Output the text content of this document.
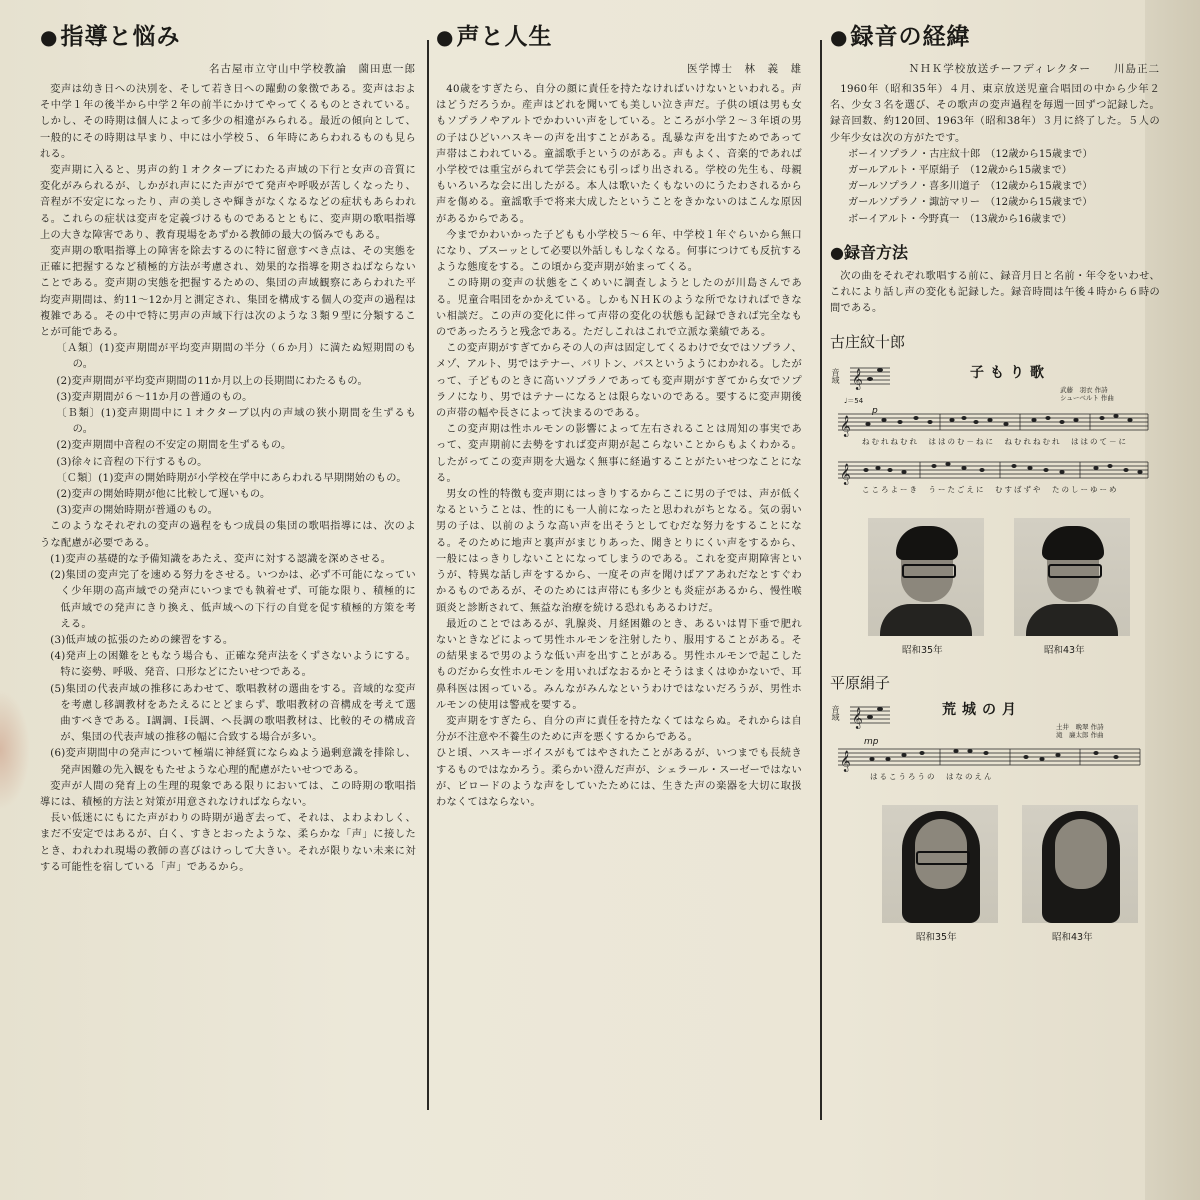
●指導と悩み
名古屋市立守山中学校教論　薗田恵一郎

変声は幼き日への決別を、そして若き日への躍動の象徴である。変声はおよそ中学１年の後半から中学２年の前半にかけてやってくるものとされている。しかし、その時期は個人によって多少の相違がみられる。最近の傾向として、一般的にその時期は早まり、中には小学校５、６年時にあらわれるものも見られる。

変声期に入ると、男声の約１オクターブにわたる声域の下行と女声の音質に変化がみられるが、しかがれ声ににた声がでて発声や呼吸が苦しくなったり、音程が不安定になったり、声の美しさや輝きがなくなるなどの症状もあらわれる。これらの症状は変声を定義づけるものであるとともに、変声期の歌唱指導上の大きな障害であり、教育現場をあずかる教師の最大の悩みでもある。

変声期の歌唱指導上の障害を除去するのに特に留意すべき点は、その実態を正確に把握するなど積極的方法が考慮され、効果的な指導を期さねばならないことである。変声期の実態を把握するための、集団の声域観察にあらわれた平均変声期間は、約11～12か月と測定され、集団を構成する個人の変声の過程は複雑である。その中で特に男声の声域下行は次のような３類９型に分類することが可能である。

〔Ａ類〕(1)変声期間が平均変声期間の半分（６か月）に満たぬ短期間のもの。

(2)変声期間が平均変声期間の11か月以上の長期間にわたるもの。

(3)変声期間が６～11か月の普通のもの。

〔Ｂ類〕(1)変声期間中に１オクターブ以内の声域の狭小期間を生ずるもの。

(2)変声期間中音程の不安定の期間を生ずるもの。

(3)徐々に音程の下行するもの。

〔Ｃ類〕(1)変声の開始時期が小学校在学中にあらわれる早期開始のもの。

(2)変声の開始時期が他に比較して遅いもの。

(3)変声の開始時期が普通のもの。

このようなそれぞれの変声の過程をもつ成員の集団の歌唱指導には、次のような配慮が必要である。

(1)変声の基礎的な予備知識をあたえ、変声に対する認識を深めさせる。

(2)集団の変声完了を速める努力をさせる。いつかは、必ず不可能になっていく少年期の高声域での発声にいつまでも執着せず、可能な限り、積極的に低声域での発声にきり換え、低声域への下行の自覚を促す積極的方策を考える。

(3)低声域の拡張のための練習をする。

(4)発声上の困難をともなう場合も、正確な発声法をくずさないようにする。特に姿勢、呼吸、発音、口形などにたいせつである。

(5)集団の代表声域の推移にあわせて、歌唱教材の選曲をする。音域的な変声を考慮し移調教材をあたえるにとどまらず、歌唱教材の音構成を考えて選曲すべきである。Ⅰ調調、Ⅰ長調、ヘ長調の歌唱教材は、比較的その構成音が、集団の代表声域の推移の幅に合致する場合が多い。

(6)変声期間中の発声について極端に神経質にならぬよう過剰意識を排除し、発声困難の先入観をもたせような心理的配慮がたいせつである。

変声が人間の発育上の生理的現象である限りにおいては、この時期の歌唱指導には、積極的方法と対策が用意されなければならない。

長い低迷ににもにた声がわりの時期が過ぎ去って、それは、よわよわしく、まだ不安定ではあるが、白く、すきとおったような、柔らかな「声」に接したとき、われわれ現場の教師の喜びはけっして大きい。それが限りない未来に対する可能性を宿している「声」であるから。

●声と人生
医学博士　林　義　雄

40歳をすぎたら、自分の顔に責任を持たなければいけないといわれる。声はどうだろうか。産声はどれを聞いても美しい泣き声だ。子供の頃は男も女もソプラノやアルトでかわいい声をしている。ところが小学２～３年頃の男の子はひどいハスキーの声を出すことがある。乱暴な声を出すためであって声帯はこわれている。童謡歌手というのがある。声もよく、音楽的であれば小学校では重宝がられて学芸会にも引っぱり出される。学校の先生も、母親もいろいろな会に出したがる。本人は歌いたくもないのにうたわされるから声を傷める。童謡歌手で将来大成したということをきかないのはこんな原因があるからである。

今までかわいかった子どもも小学校５～６年、中学校１年ぐらいから無口になり、ブスーッとして必要以外話しもしなくなる。何事につけても反抗するような態度をする。この頃から変声期が始まってくる。

この時期の変声の状態をこくめいに調査しようとしたのが川島さんである。児童合唱団をかかえている。しかもＮＨＫのような所でなければできない相談だ。この声の変化に伴って声帯の変化の状態も記録できれば完全なものであったろうと残念である。ただしこれはこれで立派な業績である。

この変声期がすぎてからその人の声は固定してくるわけで女ではソプラノ、メゾ、アルト、男ではテナー、バリトン、バスというようにわかれる。したがって、子どものときに高いソプラノであっても変声期がすぎてから女でソプラノになり、男ではテナーになるとは限らないのである。要するに変声期後の声帯の幅や長さによって決まるのである。

この変声期は性ホルモンの影響によって左右されることは周知の事実であって、変声期前に去勢をすれば変声期が起こらないことからもよくわかる。したがってこの変声期を大過なく無事に経過することがたいせつなことになる。

男女の性的特徴も変声期にはっきりするからここに男の子では、声が低くなるということは、性的にも一人前になったと思われがちとなる。気の弱い男の子は、以前のような高い声を出そうとしてむだな努力をすることになる。そのために地声と裏声がまじりあった、聞きとりにくい声をするから、一般にはっきりしないことになってしまうのである。これを変声期障害というが、特異な話し声をするから、一度その声を聞けばアアあれだなとすぐわかるものであるが、そのためには声帯にも多少とも炎症があるから、慢性喉頭炎と診断されて、無益な治療を続ける恐れもあるわけだ。

最近のことではあるが、乳腺炎、月経困難のとき、あるいは胃下垂で肥れないときなどによって男性ホルモンを注射したり、服用することがある。その結果まるで男のような低い声を出すことがある。男性ホルモンで起こしたものだから女性ホルモンを用いればなおるかとそうはまくはゆかないで、耳鼻科医は困っている。みんながみんなというわけではないだろうが、男性ホルモンの使用は警戒を要する。

変声期をすぎたら、自分の声に責任を持たなくてはならぬ。それからは自分が不注意や不養生のために声を悪くするからである。

ひと頃、ハスキーボイスがもてはやされたことがあるが、いつまでも長続きするものではなかろう。柔らかい澄んだ声が、シェラール・スーゼーではないが、ビロードのような声をしていたためには、生きた声の楽器を大切に取扱わなくてはならない。

●録音の経緯
ＮＨＫ学校放送チーフディレクター　　川島正二

1960年（昭和35年）４月、東京放送児童合唱団の中から少年２名、少女３名を選び、その歌声の変声過程を毎週一回ずつ記録した。録音回数、約120回、1963年（昭和38年）３月に終了した。５人の少年少女は次の方がたです。

ボーイソプラノ・古庄紋十郎　（12歳から15歳まで）
ガールアルト・平原絹子　（12歳から15歳まで）
ガールソプラノ・喜多川道子　（12歳から15歳まで）
ガールソプラノ・諏訪マリー　（12歳から15歳まで）
ボーイアルト・今野真一　（13歳から16歳まで）
●録音方法

次の曲をそれぞれ歌唱する前に、録音月日と名前・年令をいわせ、これにより話し声の変化も記録した。録音時間は午後４時から６時の間である。

古庄紋十郎
音域	子もり歌
武藤　羽衣 作詩
シューベルト 作曲
♩＝54
p
𝄞
𝄞
𝄞
ねむれねむれ　ははのむ－ねに　ねむれねむれ　ははのて－に
こころよーき　うーたごえに　むすばずや　たのしーゆーめ
昭和35年	昭和43年
平原絹子
音域	荒城の月
土井　晩翠 作詩
滝　廉太郎 作曲
mp
𝄞
𝄞
はるこうろうの　はなのえん
昭和35年	昭和43年
